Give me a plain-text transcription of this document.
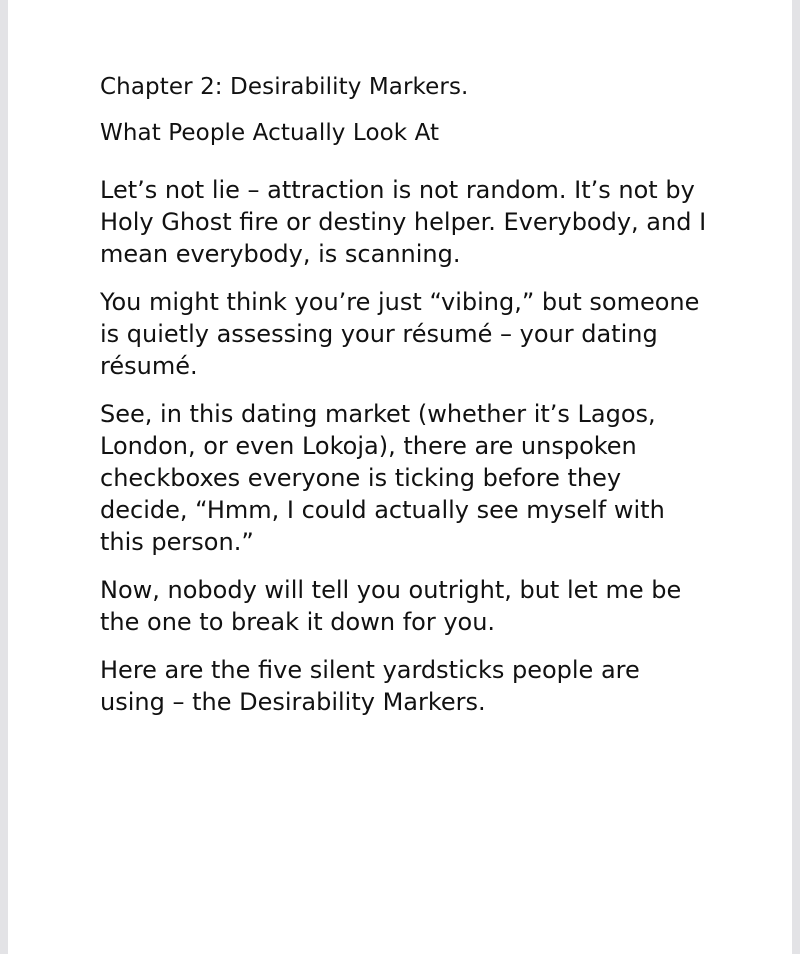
Chapter 2: Desirability Markers.
What People Actually Look At

Let’s not lie – attraction is not random. It’s not by Holy Ghost fire or destiny helper. Everybody, and I mean everybody, is scanning.

You might think you’re just “vibing,” but someone is quietly assessing your résumé – your dating résumé.

See, in this dating market (whether it’s Lagos, London, or even Lokoja), there are unspoken checkboxes everyone is ticking before they decide, “Hmm, I could actually see myself with this person.”

Now, nobody will tell you outright, but let me be the one to break it down for you.

Here are the five silent yardsticks people are using – the Desirability Markers.
